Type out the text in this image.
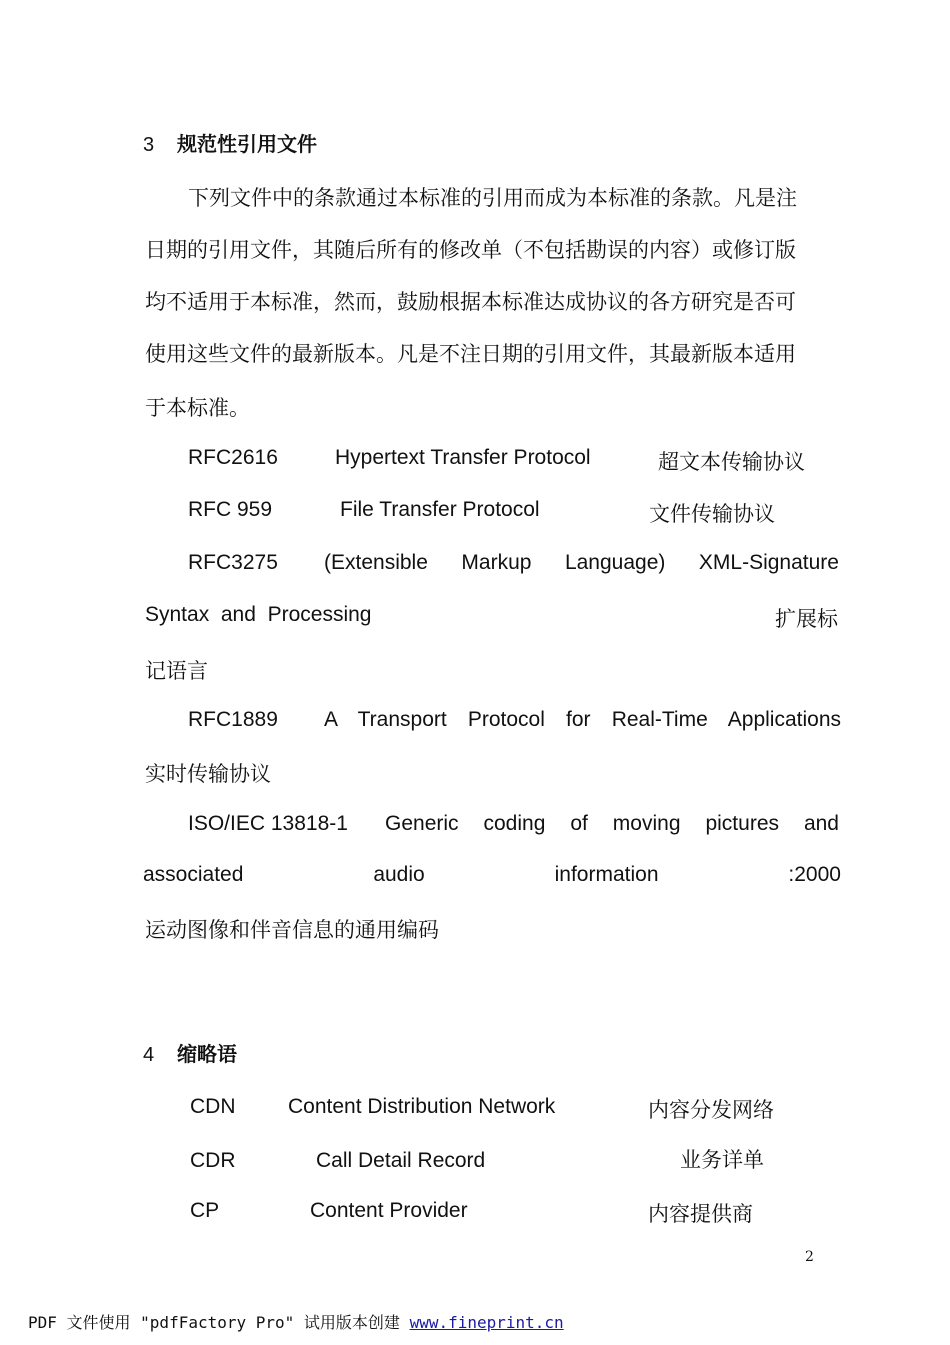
3 规范性引用文件
下列文件中的条款通过本标准的引用而成为本标准的条款。凡是注
日期的引用文件，其随后所有的修改单（不包括勘误的内容）或修订版
均不适用于本标准，然而，鼓励根据本标准达成协议的各方研究是否可
使用这些文件的最新版本。凡是不注日期的引用文件，其最新版本适用
于本标准。
RFC2616	Hypertext Transfer Protocol	超文本传输协议
RFC 959	File Transfer Protocol	文件传输协议
RFC3275 (Extensible Markup Language) XML-Signature
Syntax and Processing	扩展标
记语言
RFC1889 A Transport Protocol for Real-Time Applications
实时传输协议
ISO/IEC 13818-1 Generic coding of moving pictures and
associated	audio	information	:2000
运动图像和伴音信息的通用编码
4 缩略语
CDN	Content Distribution Network	内容分发网络
CDR	Call Detail Record	业务详单
CP	Content Provider	内容提供商
2
PDF 文件使用 "pdfFactory Pro" 试用版本创建 www.fineprint.cn
